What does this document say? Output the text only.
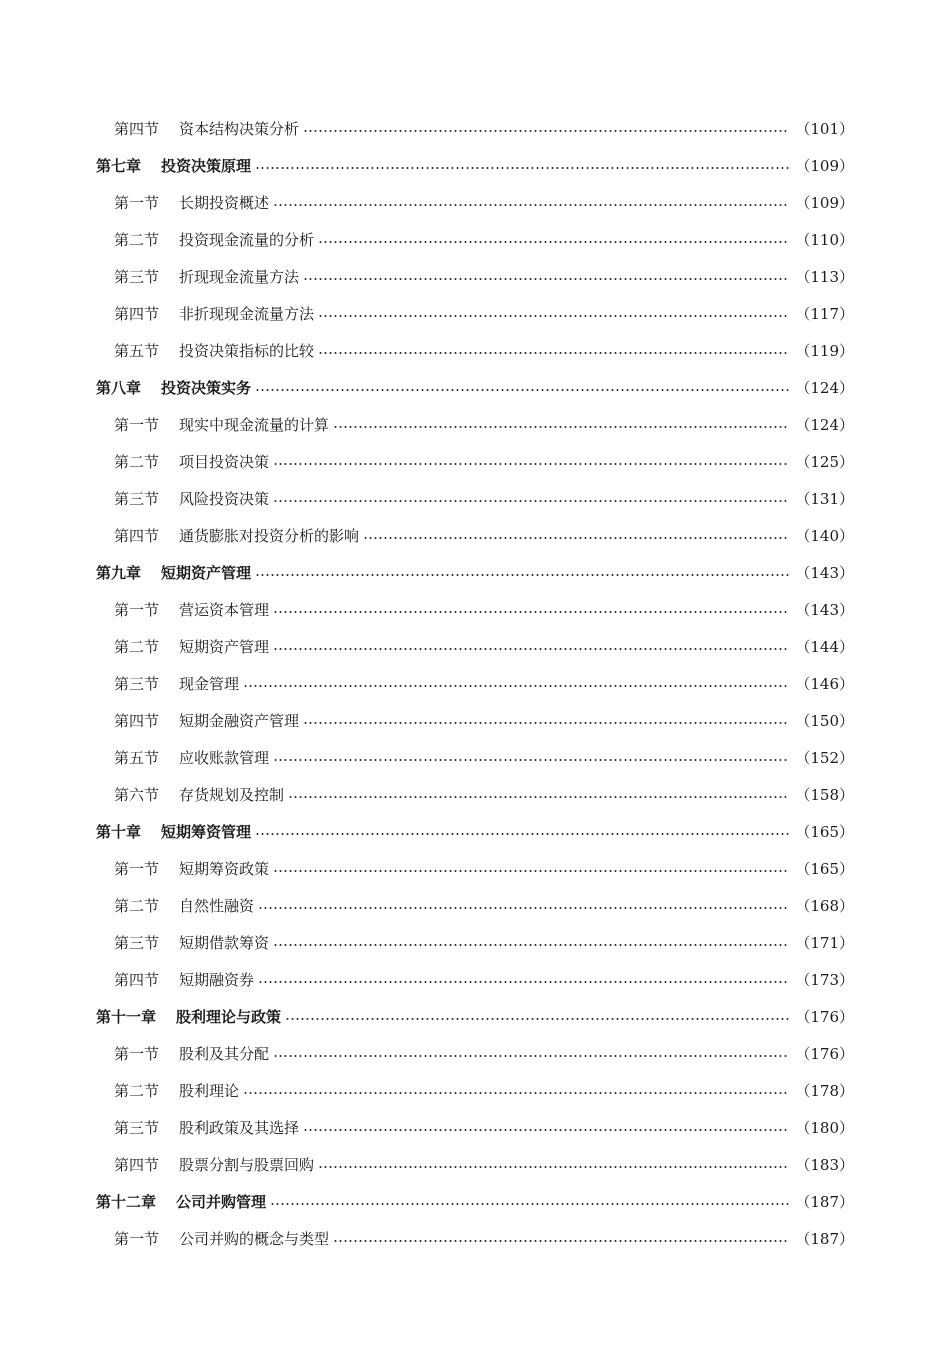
第四节 资本结构决策分析	（101）
第七章 投资决策原理	（109）
第一节 长期投资概述	（109）
第二节 投资现金流量的分析	（110）
第三节 折现现金流量方法	（113）
第四节 非折现现金流量方法	（117）
第五节 投资决策指标的比较	（119）
第八章 投资决策实务	（124）
第一节 现实中现金流量的计算	（124）
第二节 项目投资决策	（125）
第三节 风险投资决策	（131）
第四节 通货膨胀对投资分析的影响	（140）
第九章 短期资产管理	（143）
第一节 营运资本管理	（143）
第二节 短期资产管理	（144）
第三节 现金管理	（146）
第四节 短期金融资产管理	（150）
第五节 应收账款管理	（152）
第六节 存货规划及控制	（158）
第十章 短期筹资管理	（165）
第一节 短期筹资政策	（165）
第二节 自然性融资	（168）
第三节 短期借款筹资	（171）
第四节 短期融资券	（173）
第十一章 股利理论与政策	（176）
第一节 股利及其分配	（176）
第二节 股利理论	（178）
第三节 股利政策及其选择	（180）
第四节 股票分割与股票回购	（183）
第十二章 公司并购管理	（187）
第一节 公司并购的概念与类型	（187）
